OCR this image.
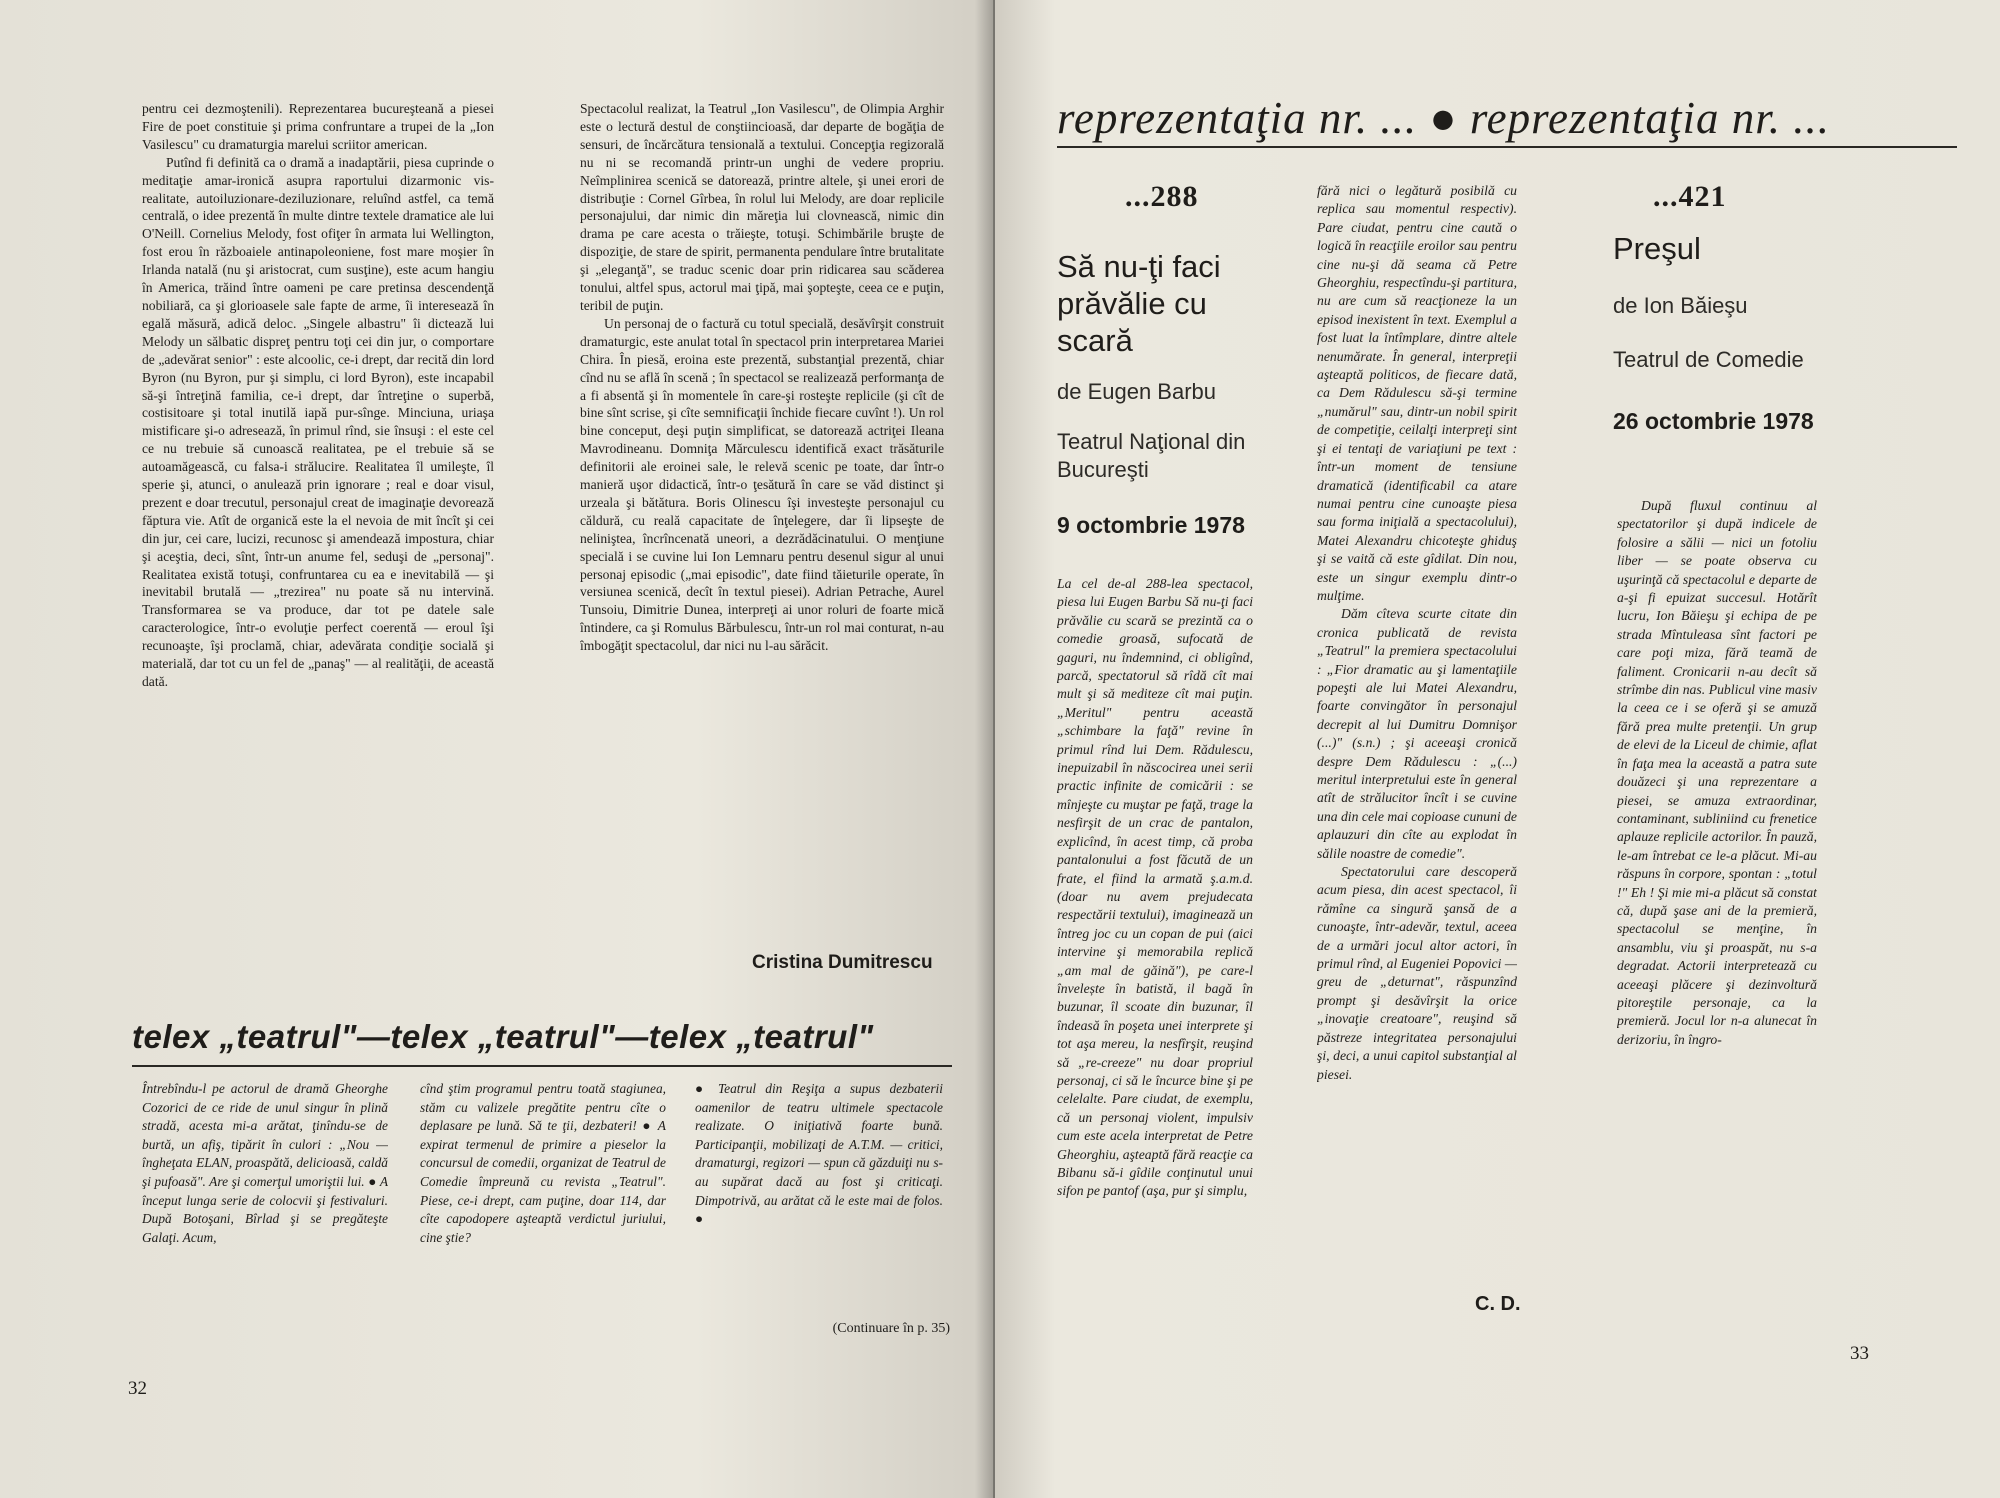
pentru cei dezmoştenili). Reprezentarea bucureşteană a piesei Fire de poet constituie şi prima confruntare a trupei de la „Ion Vasilescu" cu dramaturgia marelui scriitor american.

Putînd fi definită ca o dramă a inadaptării, piesa cuprinde o meditaţie amar-ironică asupra raportului dizarmonic vis-realitate, autoiluzionare-deziluzionare, reluînd astfel, ca temă centrală, o idee prezentă în multe dintre textele dramatice ale lui O'Neill. Cornelius Melody, fost ofiţer în armata lui Wellington, fost erou în războaiele antinapoleoniene, fost mare moşier în Irlanda natală (nu şi aristocrat, cum susţine), este acum hangiu în America, trăind între oameni pe care pretinsa descendenţă nobiliară, ca şi glorioasele sale fapte de arme, îi interesează în egală măsură, adică deloc. „Singele albastru" îi dictează lui Melody un sălbatic dispreţ pentru toţi cei din jur, o comportare de „adevărat senior" : este alcoolic, ce-i drept, dar recită din lord Byron (nu Byron, pur şi simplu, ci lord Byron), este incapabil să-şi întreţină familia, ce-i drept, dar întreţine o superbă, costisitoare şi total inutilă iapă pur-sînge. Minciuna, uriaşa mistificare şi-o adresează, în primul rînd, sie însuşi : el este cel ce nu trebuie să cunoască realitatea, pe el trebuie să se autoamăgească, cu falsa-i strălucire. Realitatea îl umileşte, îl sperie şi, atunci, o anulează prin ignorare ; real e doar visul, prezent e doar trecutul, personajul creat de imaginaţie devorează făptura vie. Atît de organică este la el nevoia de mit încît şi cei din jur, cei care, lucizi, recunosc şi amendează impostura, chiar şi aceştia, deci, sînt, într-un anume fel, seduşi de „personaj". Realitatea există totuşi, confruntarea cu ea e inevitabilă — şi inevitabil brutală — „trezirea" nu poate să nu intervină. Transformarea se va produce, dar tot pe datele sale caracterologice, într-o evoluţie perfect coerentă — eroul îşi recunoaşte, îşi proclamă, chiar, adevărata condiţie socială şi materială, dar tot cu un fel de „panaş" — al realităţii, de această dată.

Spectacolul realizat, la Teatrul „Ion Vasilescu", de Olimpia Arghir este o lectură destul de conştiincioasă, dar departe de bogăţia de sensuri, de încărcătura tensională a textului. Concepţia regizorală nu ni se recomandă printr-un unghi de vedere propriu. Neîmplinirea scenică se datorează, printre altele, şi unei erori de distribuţie : Cornel Gîrbea, în rolul lui Melody, are doar replicile personajului, dar nimic din măreţia lui clovnească, nimic din drama pe care acesta o trăieşte, totuşi. Schimbările bruşte de dispoziţie, de stare de spirit, permanenta pendulare între brutalitate şi „eleganţă", se traduc scenic doar prin ridicarea sau scăderea tonului, altfel spus, actorul mai ţipă, mai şopteşte, ceea ce e puţin, teribil de puţin.

Un personaj de o factură cu totul specială, desăvîrşit construit dramaturgic, este anulat total în spectacol prin interpretarea Mariei Chira. În piesă, eroina este prezentă, substanţial prezentă, chiar cînd nu se află în scenă ; în spectacol se realizează performanţa de a fi absentă şi în momentele în care-şi rosteşte replicile (şi cît de bine sînt scrise, şi cîte semnificaţii închide fiecare cuvînt !). Un rol bine conceput, deşi puţin simplificat, se datorează actriţei Ileana Mavrodineanu. Domniţa Mărculescu identifică exact trăsăturile definitorii ale eroinei sale, le relevă scenic pe toate, dar într-o manieră uşor didactică, într-o ţesătură în care se văd distinct şi urzeala şi bătătura. Boris Olinescu îşi investeşte personajul cu căldură, cu reală capacitate de înţelegere, dar îi lipseşte de neliniştea, încrîncenată uneori, a dezrădăcinatului. O menţiune specială i se cuvine lui Ion Lemnaru pentru desenul sigur al unui personaj episodic („mai episodic", date fiind tăieturile operate, în versiunea scenică, decît în textul piesei). Adrian Petrache, Aurel Tunsoiu, Dimitrie Dunea, interpreţi ai unor roluri de foarte mică întindere, ca şi Romulus Bărbulescu, într-un rol mai conturat, n-au îmbogăţit spectacolul, dar nici nu l-au sărăcit.

Cristina Dumitrescu
telex „teatrul"—telex „teatrul"—telex „teatrul"

Întrebîndu-l pe actorul de dramă Gheorghe Cozorici de ce ride de unul singur în plină stradă, acesta mi-a arătat, ţinîndu-se de burtă, un afiş, tipărit în culori : „Nou — îngheţata ELAN, proaspătă, delicioasă, caldă şi pufoasă". Are şi comerţul umoriştii lui. ● A început lunga serie de colocvii şi festivaluri. După Botoşani, Bîrlad şi se pregăteşte Galaţi. Acum,

cînd ştim programul pentru toată stagiunea, stăm cu valizele pregătite pentru cîte o deplasare pe lună. Să te ţii, dezbateri! ● A expirat termenul de primire a pieselor la concursul de comedii, organizat de Teatrul de Comedie împreună cu revista „Teatrul". Piese, ce-i drept, cam puţine, doar 114, dar cîte capodopere aşteaptă verdictul juriului, cine ştie?

● Teatrul din Reşiţa a supus dezbaterii oamenilor de teatru ultimele spectacole realizate. O iniţiativă foarte bună. Participanţii, mobilizaţi de A.T.M. — critici, dramaturgi, regizori — spun că găzduiţi nu s-au supărat dacă au fost şi criticaţi. Dimpotrivă, au arătat că le este mai de folos. ●

(Continuare în p. 35)
32
reprezentaţia nr. ... ● reprezentaţia nr. ...
...288
Să nu-ţi faci prăvălie cu scară
de Eugen Barbu
Teatrul Naţional din Bucureşti
9 octombrie 1978

La cel de-al 288-lea spectacol, piesa lui Eugen Barbu Să nu-ţi faci prăvălie cu scară se prezintă ca o comedie groasă, sufocată de gaguri, nu îndemnind, ci obligînd, parcă, spectatorul să rîdă cît mai mult şi să mediteze cît mai puţin. „Meritul" pentru această „schimbare la faţă" revine în primul rînd lui Dem. Rădulescu, inepuizabil în născocirea unei serii practic infinite de comicării : se mînjeşte cu muştar pe faţă, trage la nesfirşit de un crac de pantalon, explicînd, în acest timp, că proba pantalonului a fost făcută de un frate, el fiind la armată ş.a.m.d. (doar nu avem prejudecata respectării textului), imaginează un întreg joc cu un copan de pui (aici intervine şi memorabila replică „am mal de găină"), pe care-l învelește în batistă, il bagă în buzunar, îl scoate din buzunar, îl îndeasă în poşeta unei interprete şi tot aşa mereu, la nesfîrşit, reuşind să „re-creeze" nu doar propriul personaj, ci să le încurce bine şi pe celelalte. Pare ciudat, de exemplu, că un personaj violent, impulsiv cum este acela interpretat de Petre Gheorghiu, aşteaptă fără reacţie ca Bibanu să-i gîdile conţinutul unui sifon pe pantof (aşa, pur şi simplu,

fără nici o legătură posibilă cu replica sau momentul respectiv). Pare ciudat, pentru cine caută o logică în reacţiile eroilor sau pentru cine nu-şi dă seama că Petre Gheorghiu, respectîndu-şi partitura, nu are cum să reacţioneze la un episod inexistent în text. Exemplul a fost luat la întîmplare, dintre altele nenumărate. În general, interpreţii aşteaptă politicos, de fiecare dată, ca Dem Rădulescu să-şi termine „numărul" sau, dintr-un nobil spirit de competiţie, ceilalţi interpreţi sint şi ei tentaţi de variaţiuni pe text : într-un moment de tensiune dramatică (identificabil ca atare numai pentru cine cunoaşte piesa sau forma iniţială a spectacolului), Matei Alexandru chicoteşte ghiduş şi se vaită că este gîdilat. Din nou, este un singur exemplu dintr-o mulţime.

Dăm cîteva scurte citate din cronica publicată de revista „Teatrul" la premiera spectacolului : „Fior dramatic au şi lamentaţiile popeşti ale lui Matei Alexandru, foarte convingător în personajul decrepit al lui Dumitru Domnişor (...)" (s.n.) ; şi aceeaşi cronică despre Dem Rădulescu : „(...) meritul interpretului este în general atît de strălucitor încît i se cuvine una din cele mai copioase cununi de aplauzuri din cîte au explodat în sălile noastre de comedie".

Spectatorului care descoperă acum piesa, din acest spectacol, îi rămîne ca singură şansă de a cunoaşte, într-adevăr, textul, aceea de a urmări jocul altor actori, în primul rînd, al Eugeniei Popovici — greu de „deturnat", răspunzînd prompt şi desăvîrşit la orice „inovaţie creatoare", reuşind să păstreze integritatea personajului şi, deci, a unui capitol substanţial al piesei.

C. D.
...421
Preşul
de Ion Băieşu
Teatrul de Comedie
26 octombrie 1978

După fluxul continuu al spectatorilor şi după indicele de folosire a sălii — nici un fotoliu liber — se poate observa cu uşurinţă că spectacolul e departe de a-şi fi epuizat succesul. Hotărît lucru, Ion Băieşu şi echipa de pe strada Mîntuleasa sînt factori pe care poţi miza, fără teamă de faliment. Cronicarii n-au decît să strîmbe din nas. Publicul vine masiv la ceea ce i se oferă şi se amuză fără prea multe pretenţii. Un grup de elevi de la Liceul de chimie, aflat în faţa mea la această a patra sute douăzeci şi una reprezentare a piesei, se amuza extraordinar, contaminant, subliniind cu frenetice aplauze replicile actorilor. În pauză, le-am întrebat ce le-a plăcut. Mi-au răspuns în corpore, spontan : „totul !" Eh ! Şi mie mi-a plăcut să constat că, după şase ani de la premieră, spectacolul se menţine, în ansamblu, viu şi proaspăt, nu s-a degradat. Actorii interpretează cu aceeaşi plăcere şi dezinvoltură pitoreştile personaje, ca la premieră. Jocul lor n-a alunecat în derizoriu, în îngro-

33
